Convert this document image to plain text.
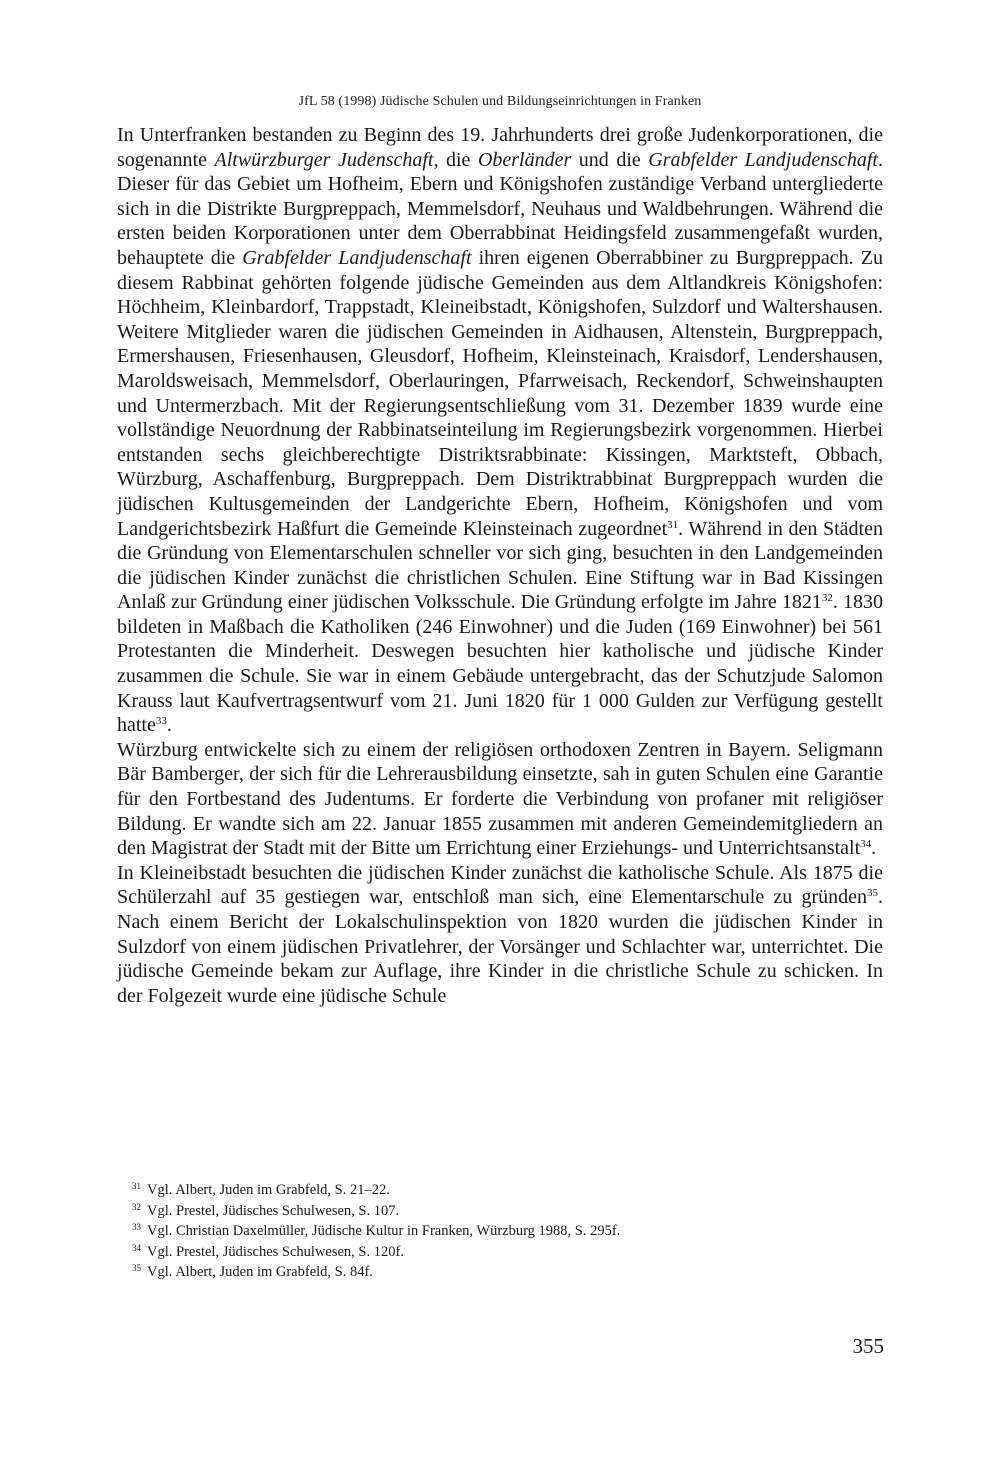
JfL 58 (1998) Jüdische Schulen und Bildungseinrichtungen in Franken

In Unterfranken bestanden zu Beginn des 19. Jahrhunderts drei große Judenkorporationen, die sogenannte Altwürzburger Judenschaft, die Oberländer und die Grabfelder Landjudenschaft. Dieser für das Gebiet um Hofheim, Ebern und Königshofen zuständige Verband untergliederte sich in die Distrikte Burgpreppach, Memmelsdorf, Neuhaus und Waldbehrungen. Während die ersten beiden Korporationen unter dem Oberrabbinat Heidingsfeld zusammengefaßt wurden, behauptete die Grabfelder Landjudenschaft ihren eigenen Oberrabbiner zu Burgpreppach. Zu diesem Rabbinat gehörten folgende jüdische Gemeinden aus dem Altlandkreis Königshofen: Höchheim, Kleinbardorf, Trappstadt, Kleineibstadt, Königshofen, Sulzdorf und Waltershausen. Weitere Mitglieder waren die jüdischen Gemeinden in Aidhausen, Altenstein, Burgpreppach, Ermershausen, Friesenhausen, Gleusdorf, Hofheim, Kleinsteinach, Kraisdorf, Lendershausen, Maroldsweisach, Memmelsdorf, Oberlauringen, Pfarrweisach, Reckendorf, Schweinshaupten und Untermerzbach. Mit der Regierungsentschließung vom 31. Dezember 1839 wurde eine vollständige Neuordnung der Rabbinatseinteilung im Regierungsbezirk vorgenommen. Hierbei entstanden sechs gleichberechtigte Distriktsrabbinate: Kissingen, Marktsteft, Obbach, Würzburg, Aschaffenburg, Burgpreppach. Dem Distriktrabbinat Burgpreppach wurden die jüdischen Kultusgemeinden der Landgerichte Ebern, Hofheim, Königshofen und vom Landgerichtsbezirk Haßfurt die Gemeinde Kleinsteinach zugeordnet$^{31}$. Während in den Städten die Gründung von Elementarschulen schneller vor sich ging, besuchten in den Landgemeinden die jüdischen Kinder zunächst die christlichen Schulen. Eine Stiftung war in Bad Kissingen Anlaß zur Gründung einer jüdischen Volksschule. Die Gründung erfolgte im Jahre 1821$^{32}$. 1830 bildeten in Maßbach die Katholiken (246 Einwohner) und die Juden (169 Einwohner) bei 561 Protestanten die Minderheit. Deswegen besuchten hier katholische und jüdische Kinder zusammen die Schule. Sie war in einem Gebäude untergebracht, das der Schutzjude Salomon Krauss laut Kaufvertragsentwurf vom 21. Juni 1820 für 1 000 Gulden zur Verfügung gestellt hatte$^{33}$.

Würzburg entwickelte sich zu einem der religiösen orthodoxen Zentren in Bayern. Seligmann Bär Bamberger, der sich für die Lehrerausbildung einsetzte, sah in guten Schulen eine Garantie für den Fortbestand des Judentums. Er forderte die Verbindung von profaner mit religiöser Bildung. Er wandte sich am 22. Januar 1855 zusammen mit anderen Gemeindemitgliedern an den Magistrat der Stadt mit der Bitte um Errichtung einer Erziehungs- und Unterrichtsanstalt$^{34}$.

In Kleineibstadt besuchten die jüdischen Kinder zunächst die katholische Schule. Als 1875 die Schülerzahl auf 35 gestiegen war, entschloß man sich, eine Elementarschule zu gründen$^{35}$. Nach einem Bericht der Lokalschulinspektion von 1820 wurden die jüdischen Kinder in Sulzdorf von einem jüdischen Privatlehrer, der Vorsänger und Schlachter war, unterrichtet. Die jüdische Gemeinde bekam zur Auflage, ihre Kinder in die christliche Schule zu schicken. In der Folgezeit wurde eine jüdische Schule

$^{31}$ Vgl. Albert, Juden im Grabfeld, S. 21–22.

$^{32}$ Vgl. Prestel, Jüdisches Schulwesen, S. 107.

$^{33}$ Vgl. Christian Daxelmüller, Jüdische Kultur in Franken, Würzburg 1988, S. 295f.

$^{34}$ Vgl. Prestel, Jüdisches Schulwesen, S. 120f.

$^{35}$ Vgl. Albert, Juden im Grabfeld, S. 84f.

355
